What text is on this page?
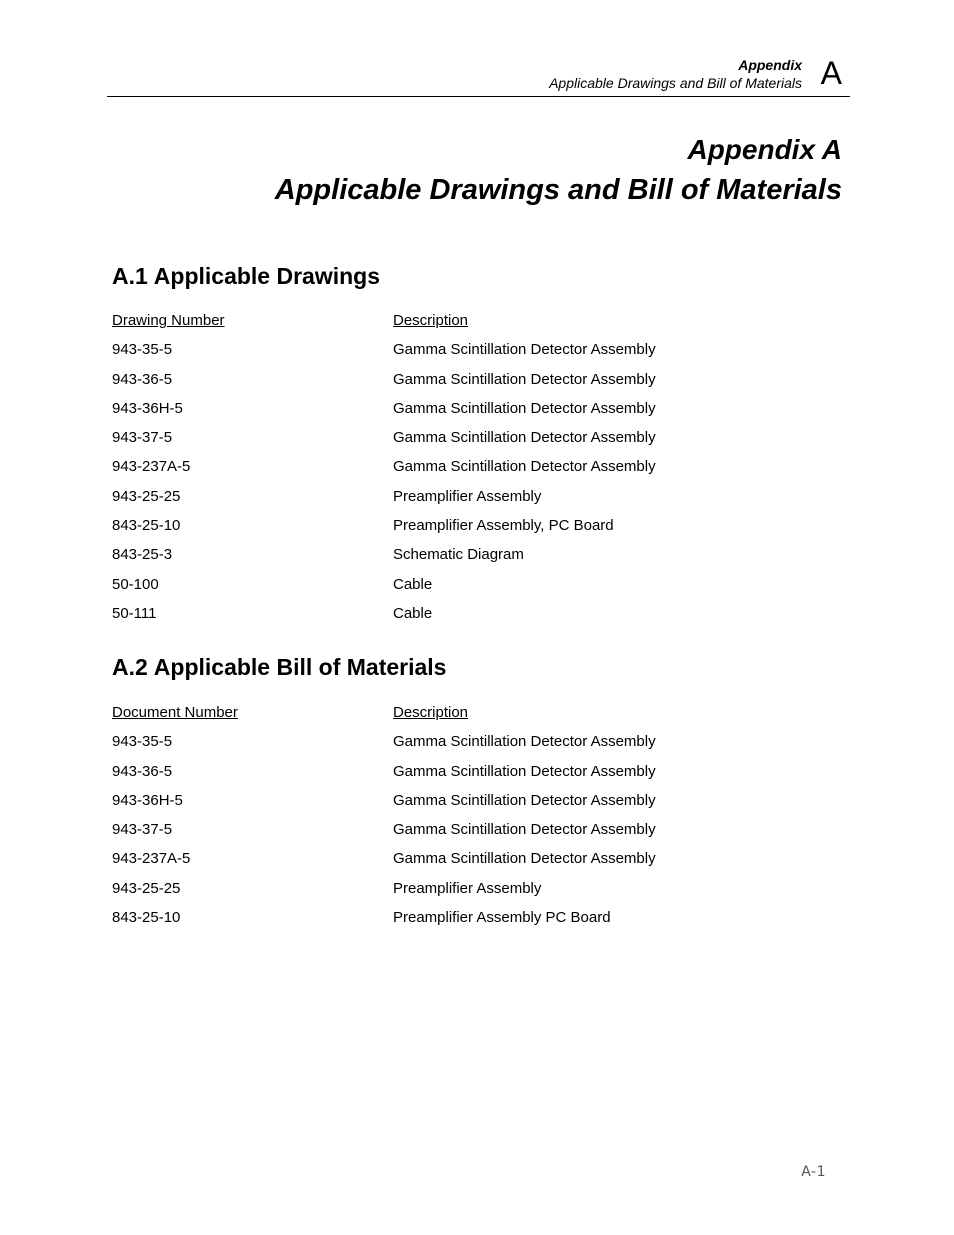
Appendix
Applicable Drawings and Bill of Materials A
Appendix A
Applicable Drawings and Bill of Materials
A.1 Applicable Drawings
Drawing Number	Description
943-35-5	Gamma Scintillation Detector Assembly
943-36-5	Gamma Scintillation Detector Assembly
943-36H-5	Gamma Scintillation Detector Assembly
943-37-5	Gamma Scintillation Detector Assembly
943-237A-5	Gamma Scintillation Detector Assembly
943-25-25	Preamplifier Assembly
843-25-10	Preamplifier Assembly, PC Board
843-25-3	Schematic Diagram
50-100	Cable
50-111	Cable
A.2 Applicable Bill of Materials
Document Number	Description
943-35-5	Gamma Scintillation Detector Assembly
943-36-5	Gamma Scintillation Detector Assembly
943-36H-5	Gamma Scintillation Detector Assembly
943-37-5	Gamma Scintillation Detector Assembly
943-237A-5	Gamma Scintillation Detector Assembly
943-25-25	Preamplifier Assembly
843-25-10	Preamplifier Assembly PC Board
A-1
